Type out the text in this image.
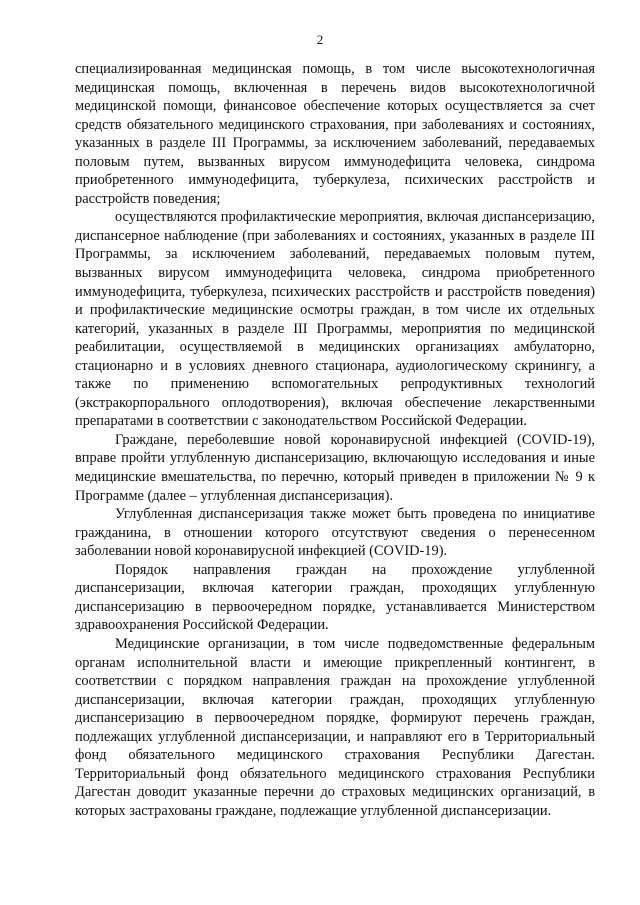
2

специализированная медицинская помощь, в том числе высокотехнологичная медицинская помощь, включенная в перечень видов высокотехнологичной медицинской помощи, финансовое обеспечение которых осуществляется за счет средств обязательного медицинского страхования, при заболеваниях и состояниях, указанных в разделе III Программы, за исключением заболеваний, передаваемых половым путем, вызванных вирусом иммунодефицита человека, синдрома приобретенного иммунодефицита, туберкулеза, психических расстройств и расстройств поведения;

осуществляются профилактические мероприятия, включая диспансеризацию, диспансерное наблюдение (при заболеваниях и состояниях, указанных в разделе III Программы, за исключением заболеваний, передаваемых половым путем, вызванных вирусом иммунодефицита человека, синдрома приобретенного иммунодефицита, туберкулеза, психических расстройств и расстройств поведения) и профилактические медицинские осмотры граждан, в том числе их отдельных категорий, указанных в разделе III Программы, мероприятия по медицинской реабилитации, осуществляемой в медицинских организациях амбулаторно, стационарно и в условиях дневного стационара, аудиологическому скринингу, а также по применению вспомогательных репродуктивных технологий (экстракорпорального оплодотворения), включая обеспечение лекарственными препаратами в соответствии с законодательством Российской Федерации.

Граждане, переболевшие новой коронавирусной инфекцией (COVID-19), вправе пройти углубленную диспансеризацию, включающую исследования и иные медицинские вмешательства, по перечню, который приведен в приложении № 9 к Программе (далее – углубленная диспансеризация).

Углубленная диспансеризация также может быть проведена по инициативе гражданина, в отношении которого отсутствуют сведения о перенесенном заболевании новой коронавирусной инфекцией (COVID-19).

Порядок направления граждан на прохождение углубленной диспансеризации, включая категории граждан, проходящих углубленную диспансеризацию в первоочередном порядке, устанавливается Министерством здравоохранения Российской Федерации.

Медицинские организации, в том числе подведомственные федеральным органам исполнительной власти и имеющие прикрепленный контингент, в соответствии с порядком направления граждан на прохождение углубленной диспансеризации, включая категории граждан, проходящих углубленную диспансеризацию в первоочередном порядке, формируют перечень граждан, подлежащих углубленной диспансеризации, и направляют его в Территориальный фонд обязательного медицинского страхования Республики Дагестан. Территориальный фонд обязательного медицинского страхования Республики Дагестан доводит указанные перечни до страховых медицинских организаций, в которых застрахованы граждане, подлежащие углубленной диспансеризации.
